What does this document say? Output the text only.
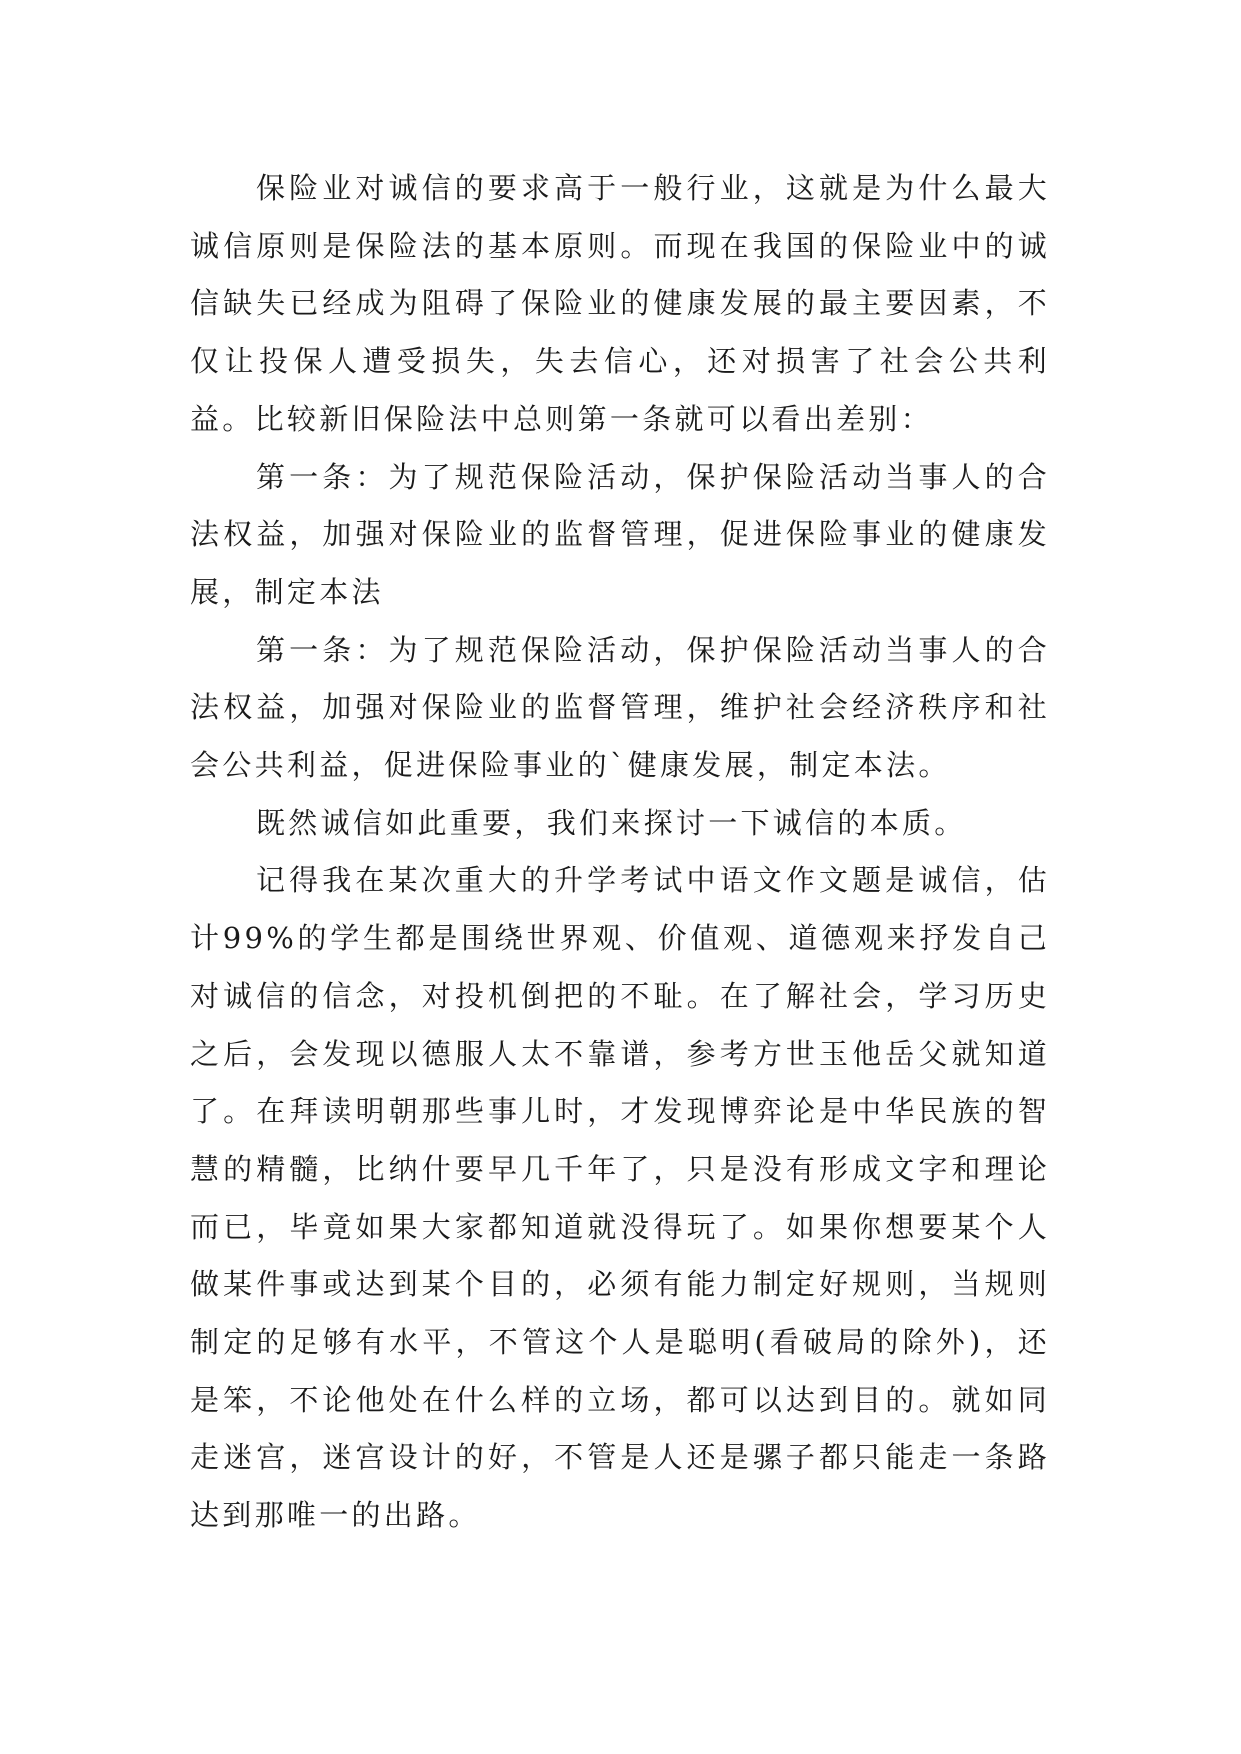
保险业对诚信的要求高于一般行业，这就是为什么最大诚信原则是保险法的基本原则。而现在我国的保险业中的诚信缺失已经成为阻碍了保险业的健康发展的最主要因素，不仅让投保人遭受损失，失去信心，还对损害了社会公共利益。比较新旧保险法中总则第一条就可以看出差别：

第一条：为了规范保险活动，保护保险活动当事人的合法权益，加强对保险业的监督管理，促进保险事业的健康发展，制定本法

第一条：为了规范保险活动，保护保险活动当事人的合法权益，加强对保险业的监督管理，维护社会经济秩序和社会公共利益，促进保险事业的`健康发展，制定本法。

既然诚信如此重要，我们来探讨一下诚信的本质。

记得我在某次重大的升学考试中语文作文题是诚信，估计99%的学生都是围绕世界观、价值观、道德观来抒发自己对诚信的信念，对投机倒把的不耻。在了解社会，学习历史之后，会发现以德服人太不靠谱，参考方世玉他岳父就知道了。在拜读明朝那些事儿时，才发现博弈论是中华民族的智慧的精髓，比纳什要早几千年了，只是没有形成文字和理论而已，毕竟如果大家都知道就没得玩了。如果你想要某个人做某件事或达到某个目的，必须有能力制定好规则，当规则制定的足够有水平，不管这个人是聪明(看破局的除外)，还是笨，不论他处在什么样的立场，都可以达到目的。就如同走迷宫，迷宫设计的好，不管是人还是骡子都只能走一条路达到那唯一的出路。
